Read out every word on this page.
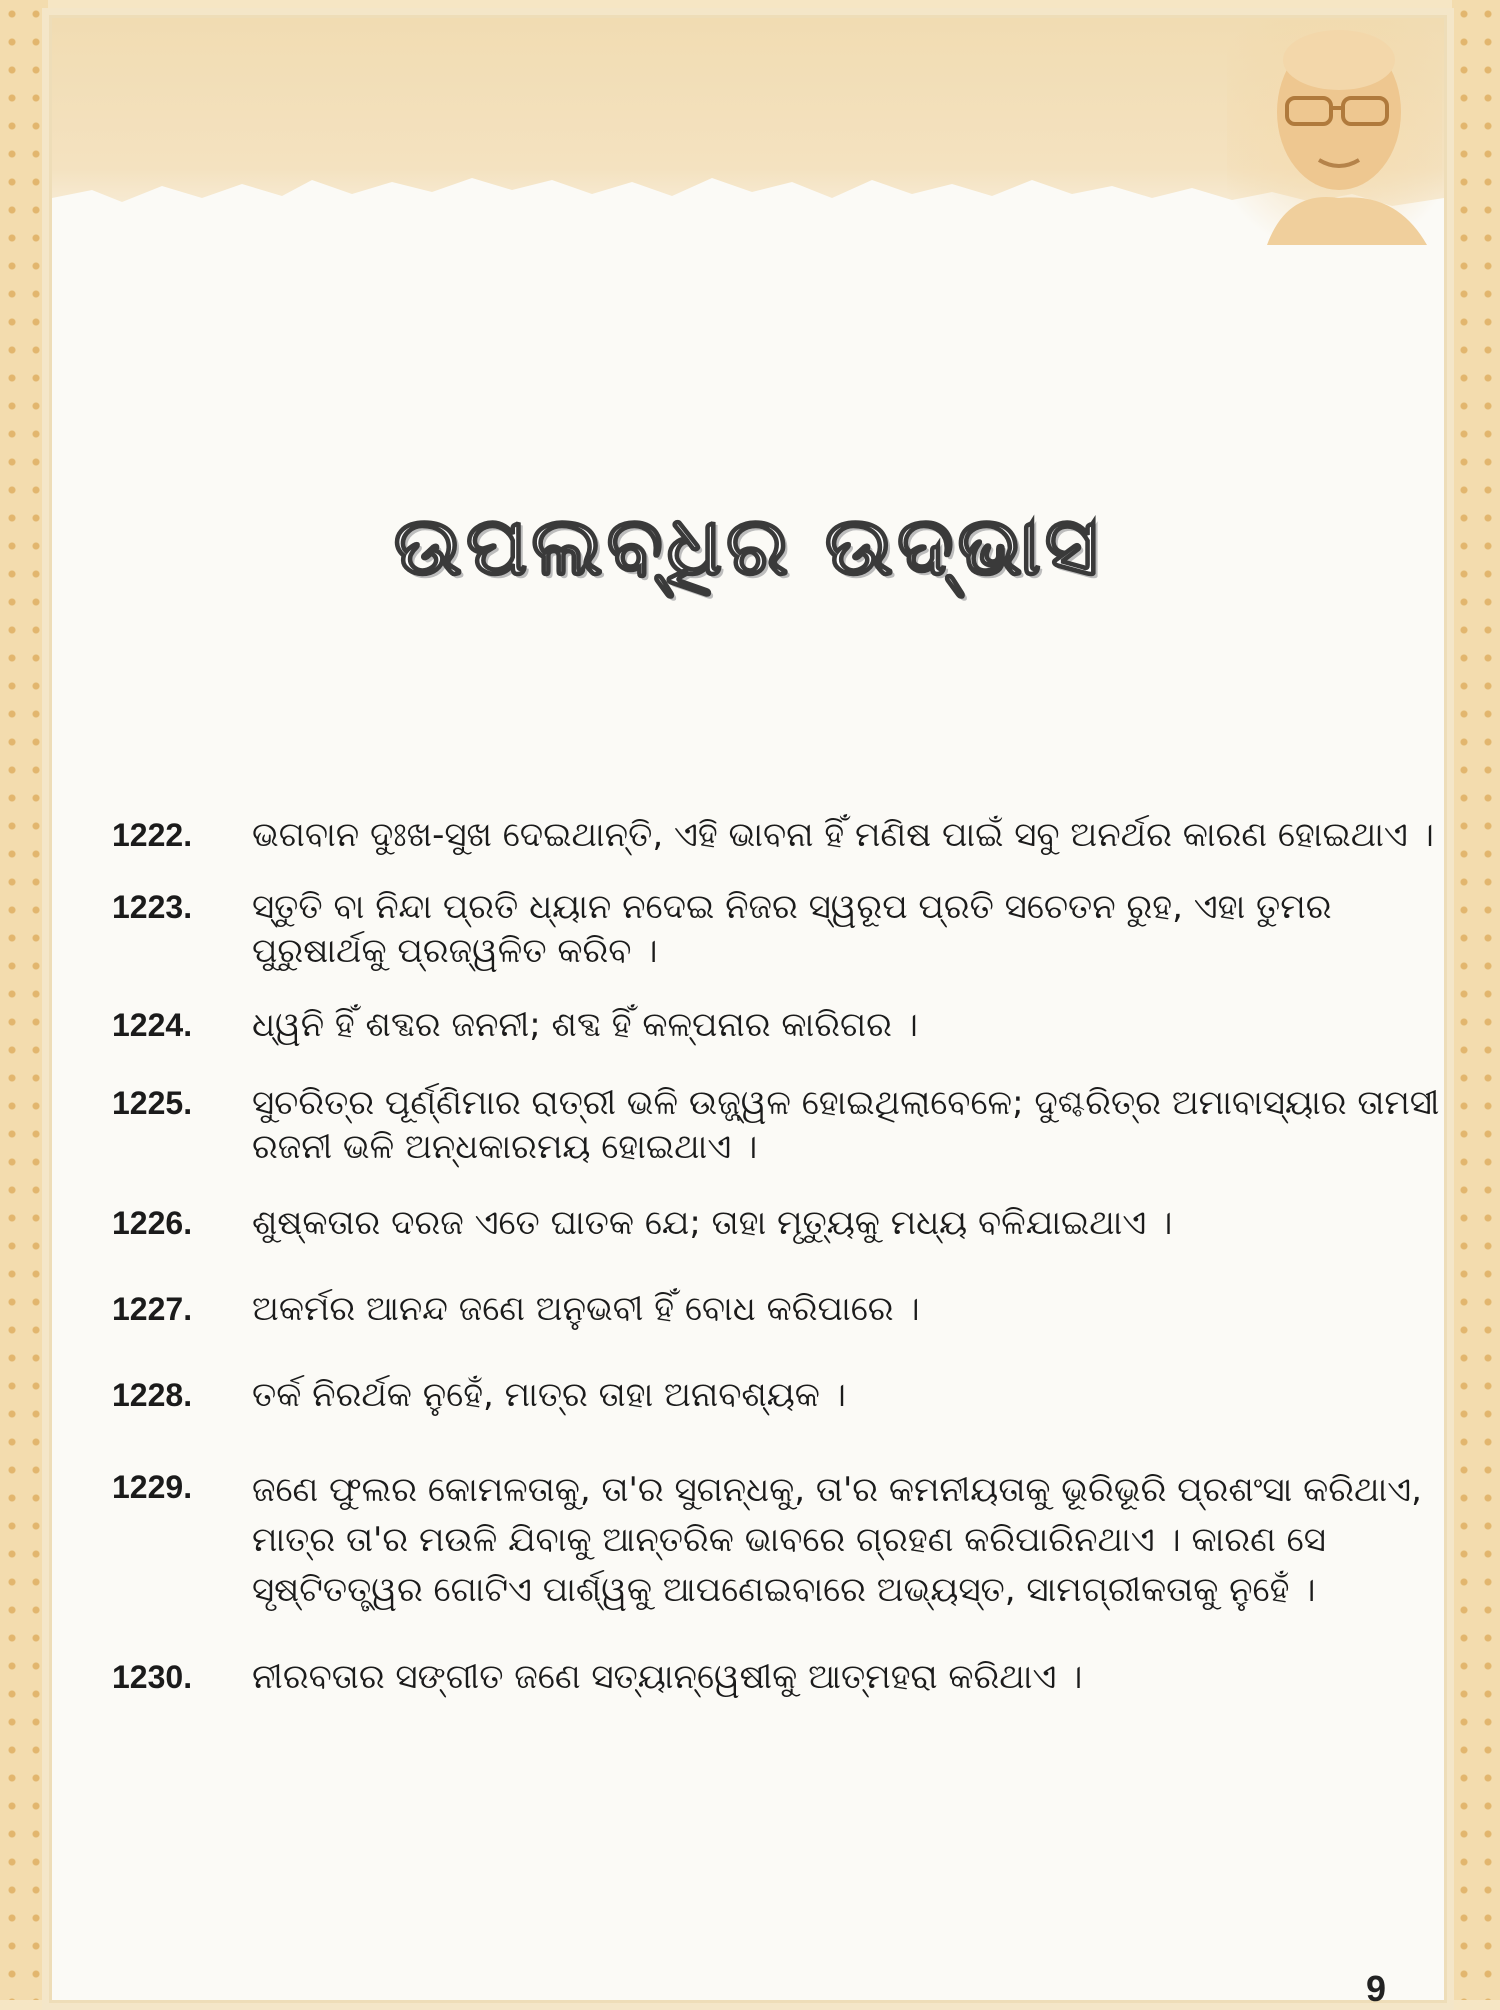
ଉପଲବ୍ଧିର ଉଦ୍ଭାସ
1222.	ଭଗବାନ ଦୁଃଖ-ସୁଖ ଦେଇଥାନ୍ତି, ଏହି ଭାବନା ହିଁ ମଣିଷ ପାଇଁ ସବୁ ଅନର୍ଥର କାରଣ ହୋଇଥାଏ ।
1223.	ସ୍ତୁତି ବା ନିନ୍ଦା ପ୍ରତି ଧ୍ୟାନ ନଦେଇ ନିଜର ସ୍ୱରୂପ ପ୍ରତି ସଚେତନ ରୁହ, ଏହା ତୁମର ପୁରୁଷାର୍ଥକୁ ପ୍ରଜ୍ୱଳିତ କରିବ ।
1224.	ଧ୍ୱନି ହିଁ ଶବ୍ଦର ଜନନୀ; ଶବ୍ଦ ହିଁ କଳ୍ପନାର କାରିଗର ।
1225.	ସୁଚରିତ୍ର ପୂର୍ଣ୍ଣିମାର ରାତ୍ରୀ ଭଳି ଉଜ୍ଜ୍ୱଳ ହୋଇଥିଲାବେଳେ; ଦୁଶ୍ଚରିତ୍ର ଅମାବାସ୍ୟାର ତାମସୀ ରଜନୀ ଭଳି ଅନ୍ଧକାରମୟ ହୋଇଥାଏ ।
1226.	ଶୁଷ୍କତାର ଦରଜ ଏତେ ଘାତକ ଯେ; ତାହା ମୃତ୍ୟୁକୁ ମଧ୍ୟ ବଳିଯାଇଥାଏ ।
1227.	ଅକର୍ମର ଆନନ୍ଦ ଜଣେ ଅନୁଭବୀ ହିଁ ବୋଧ କରିପାରେ ।
1228.	ତର୍କ ନିରର୍ଥକ ନୁହେଁ, ମାତ୍ର ତାହା ଅନାବଶ୍ୟକ ।
1229.	ଜଣେ ଫୁଲର କୋମଳତାକୁ, ତା'ର ସୁଗନ୍ଧକୁ, ତା'ର କମନୀୟତାକୁ ଭୂରିଭୂରି ପ୍ରଶଂସା କରିଥାଏ, ମାତ୍ର ତା'ର ମଉଳି ଯିବାକୁ ଆନ୍ତରିକ ଭାବରେ ଗ୍ରହଣ କରିପାରିନଥାଏ । କାରଣ ସେ ସୃଷ୍ଟିତତ୍ତ୍ୱର ଗୋଟିଏ ପାର୍ଶ୍ୱକୁ ଆପଣେଇବାରେ ଅଭ୍ୟସ୍ତ, ସାମଗ୍ରୀକତାକୁ ନୁହେଁ ।
1230.	ନୀରବତାର ସଙ୍ଗୀତ ଜଣେ ସତ୍ୟାନ୍ୱେଷୀକୁ ଆତ୍ମହରା କରିଥାଏ ।
9
